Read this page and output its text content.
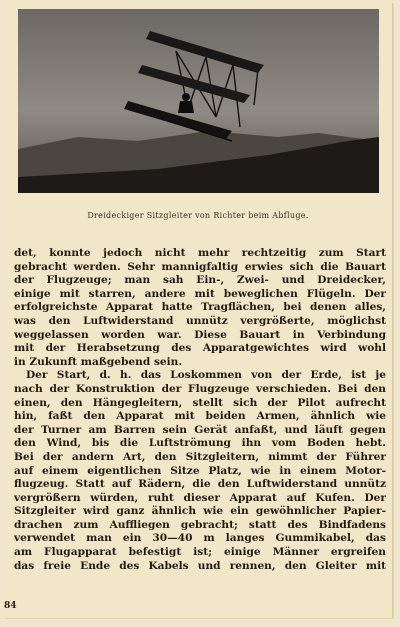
Dreideckiger Sitzgleiter von Richter beim Abfluge.
det, konnte jedoch nicht mehr rechtzeitig zum Start
gebracht werden. Sehr mannigfaltig erwies sich die Bauart
der Flugzeuge; man sah Ein-, Zwei- und Dreidecker,
einige mit starren, andere mit beweglichen Flügeln. Der
erfolgreichste Apparat hatte Tragflächen, bei denen alles,
was den Luftwiderstand unnütz vergrößerte, möglichst
weggelassen worden war. Diese Bauart in Verbindung
mit der Herabsetzung des Apparatgewichtes wird wohl
in Zukunft maßgebend sein.
Der Start, d. h. das Loskommen von der Erde, ist je
nach der Konstruktion der Flugzeuge verschieden. Bei den
einen, den Hängegleitern, stellt sich der Pilot aufrecht
hin, faßt den Apparat mit beiden Armen, ähnlich wie
der Turner am Barren sein Gerät anfaßt, und läuft gegen
den Wind, bis die Luftströmung ihn vom Boden hebt.
Bei der andern Art, den Sitzgleitern, nimmt der Führer
auf einem eigentlichen Sitze Platz, wie in einem Motor-
flugzeug. Statt auf Rädern, die den Luftwiderstand unnütz
vergrößern würden, ruht dieser Apparat auf Kufen. Der
Sitzgleiter wird ganz ähnlich wie ein gewöhnlicher Papier-
drachen zum Auffliegen gebracht; statt des Bindfadens
verwendet man ein 30—40 m langes Gummikabel, das
am Flugapparat befestigt ist; einige Männer ergreifen
das freie Ende des Kabels und rennen, den Gleiter mit
84
